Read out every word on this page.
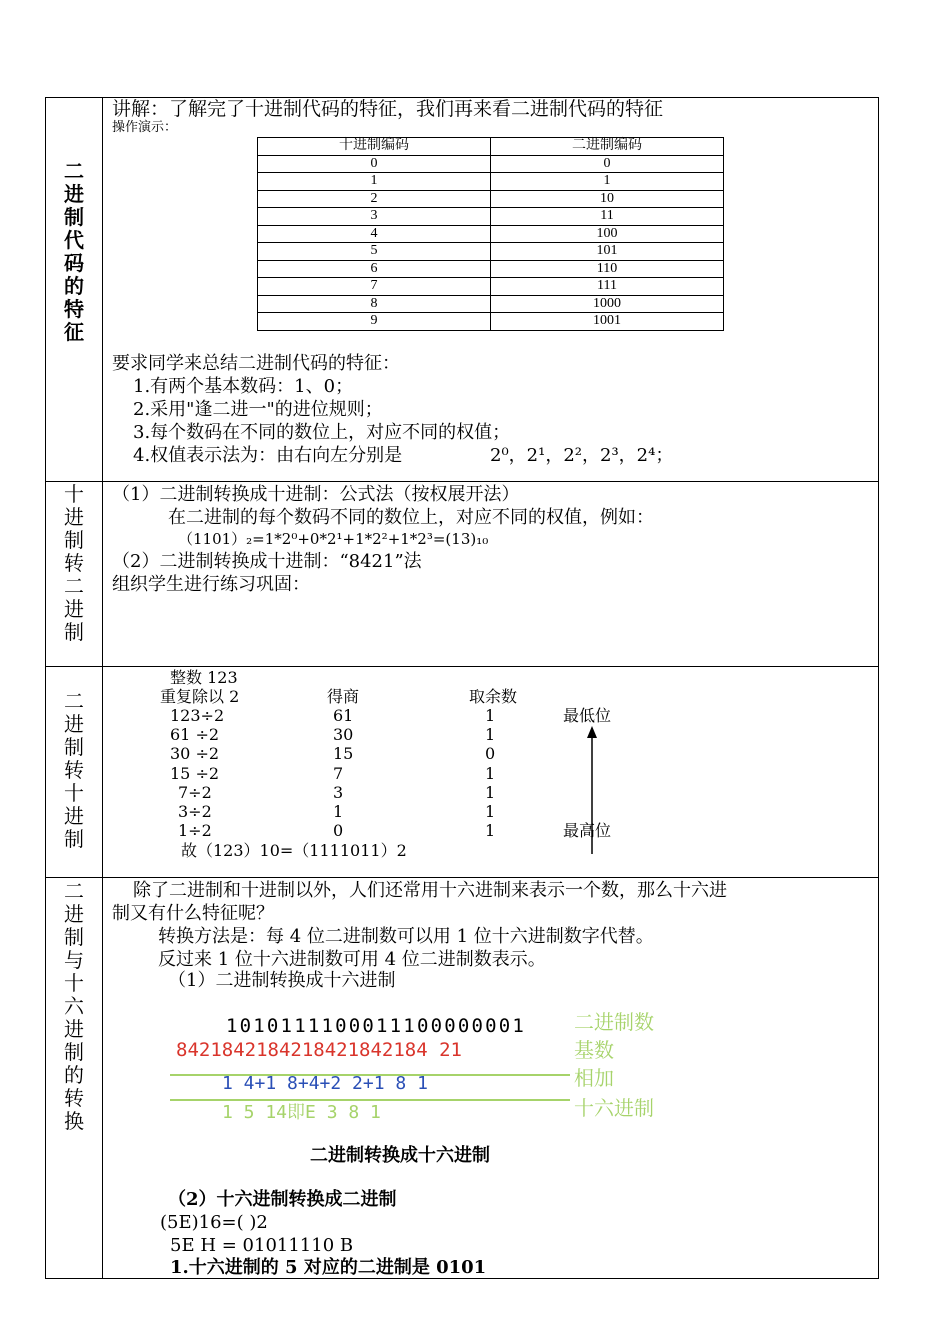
二
进
制
代
码
的
特
征
十
进
制
转
二
进
制
二
进
制
转
十
进
制
二
进
制
与
十
六
进
制
的
转
换
讲解：了解完了十进制代码的特征，我们再来看二进制代码的特征
操作演示：
十进制编码	二进制编码
0	0
1	1
2	10
3	11
4	100
5	101
6	110
7	111
8	1000
9	1001
要求同学来总结二进制代码的特征：
1.有两个基本数码：1、0；
2.采用"逢二进一"的进位规则；
3.每个数码在不同的数位上，对应不同的权值；
4.权值表示法为：由右向左分别是	2⁰，2¹，2²，2³，2⁴；
（1）二进制转换成十进制：公式法（按权展开法）
在二进制的每个数码不同的数位上，对应不同的权值，例如：
（1101）₂=1*2⁰+0*2¹+1*2²+1*2³=(13)₁₀
（2）二进制转换成十进制：“8421”法
组织学生进行练习巩固：
整数 123
重复除以 2	得商	取余数
123÷2	61	1
61 ÷2	30	1
30 ÷2	15	0
15 ÷2	7	1
7÷2	3	1
3÷2	1	1
1÷2	0	1
最低位
最高位
故（123）10=（1111011）2
除了二进制和十进制以外，人们还常用十六进制来表示一个数，那么十六进
制又有什么特征呢？
转换方法是：每 4 位二进制数可以用 1 位十六进制数字代替。
反过来 1 位十六进制数可用 4 位二进制数表示。
（1）二进制转换成十六进制
1010111100011100000001
8421842184218421842184 21
1 4+1 8+4+2 2+1 8 1
1 5 14即E 3 8 1
二进制数
基数
相加
十六进制
二进制转换成十六进制
（2）十六进制转换成二进制
(5E)16=( )2
5E H = 01011110 B
1.十六进制的 5 对应的二进制是 0101
